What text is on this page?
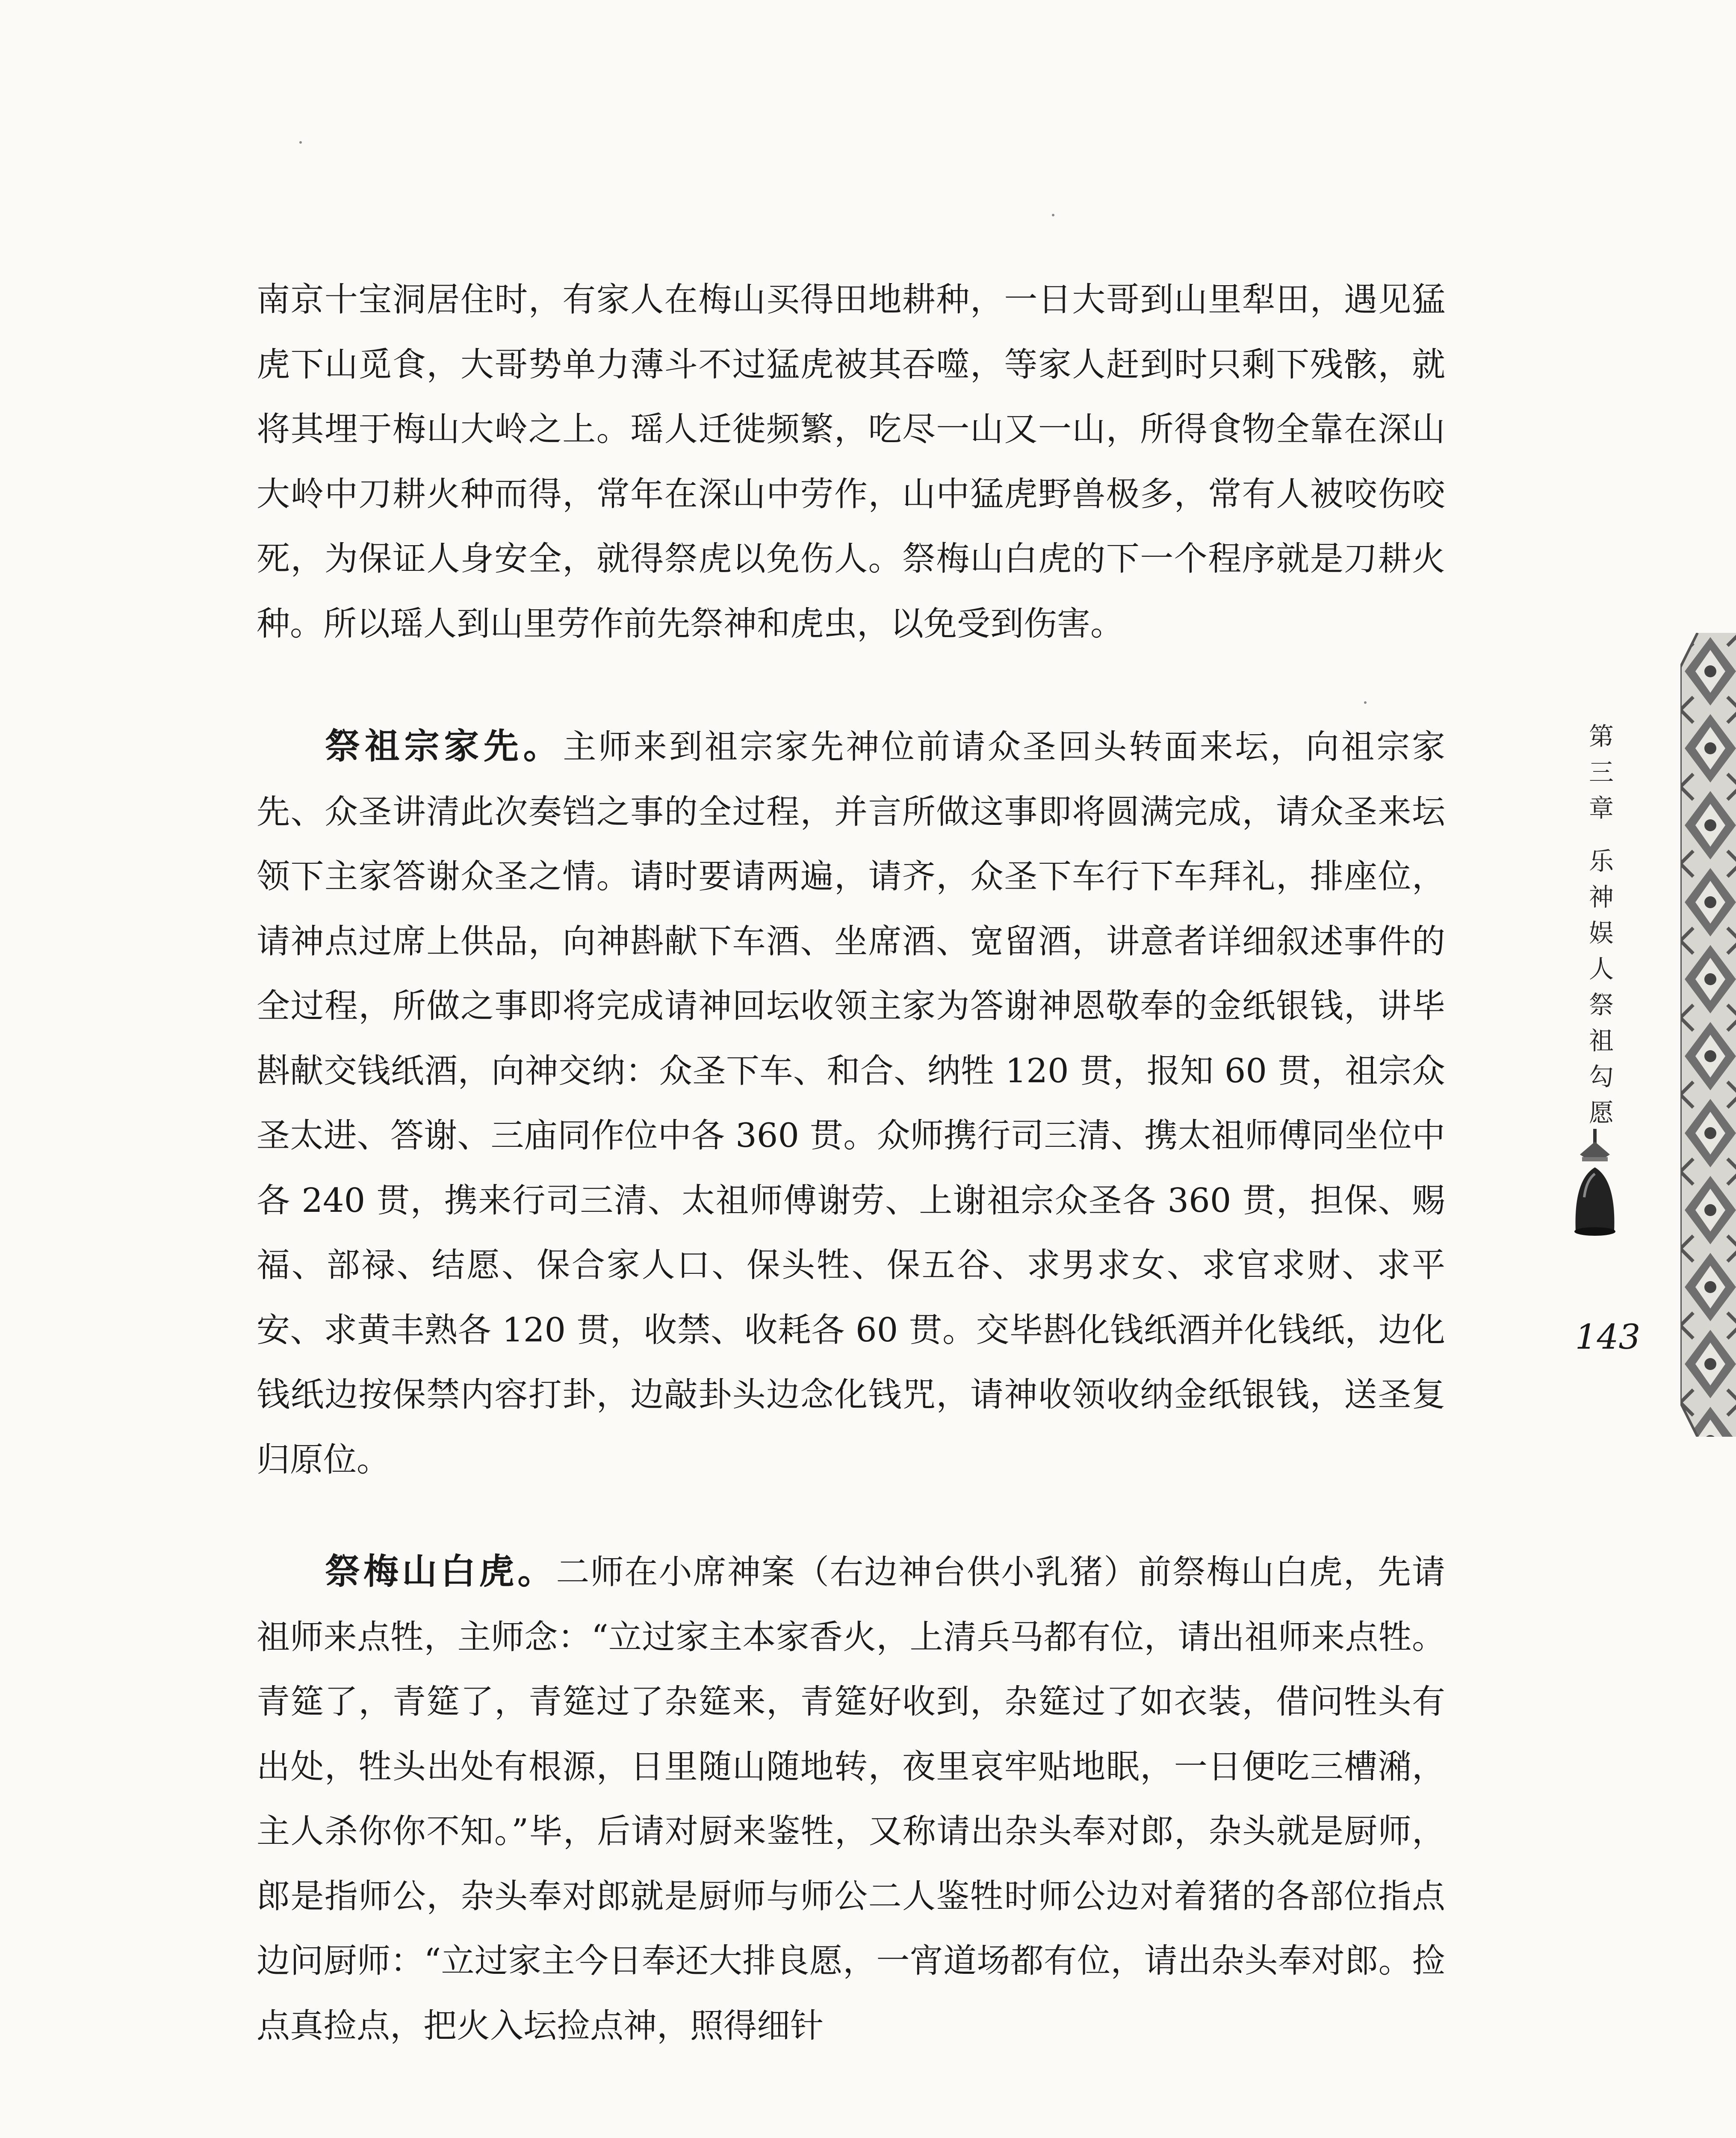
南京十宝洞居住时，有家人在梅山买得田地耕种，一日大哥到山里犁田，遇见猛虎下山觅食，大哥势单力薄斗不过猛虎被其吞噬，等家人赶到时只剩下残骸，就将其埋于梅山大岭之上。瑶人迁徙频繁，吃尽一山又一山，所得食物全靠在深山大岭中刀耕火种而得，常年在深山中劳作，山中猛虎野兽极多，常有人被咬伤咬死，为保证人身安全，就得祭虎以免伤人。祭梅山白虎的下一个程序就是刀耕火种。所以瑶人到山里劳作前先祭神和虎虫，以免受到伤害。

祭祖宗家先。主师来到祖宗家先神位前请众圣回头转面来坛，向祖宗家先、众圣讲清此次奏铛之事的全过程，并言所做这事即将圆满完成，请众圣来坛领下主家答谢众圣之情。请时要请两遍，请齐，众圣下车行下车拜礼，排座位，请神点过席上供品，向神斟献下车酒、坐席酒、宽留酒，讲意者详细叙述事件的全过程，所做之事即将完成请神回坛收领主家为答谢神恩敬奉的金纸银钱，讲毕斟献交钱纸酒，向神交纳：众圣下车、和合、纳牲 120 贯，报知 60 贯，祖宗众圣太进、答谢、三庙同作位中各 360 贯。众师携行司三清、携太祖师傅同坐位中各 240 贯，携来行司三清、太祖师傅谢劳、上谢祖宗众圣各 360 贯，担保、赐福、部禄、结愿、保合家人口、保头牲、保五谷、求男求女、求官求财、求平安、求黄丰熟各 120 贯，收禁、收耗各 60 贯。交毕斟化钱纸酒并化钱纸，边化钱纸边按保禁内容打卦，边敲卦头边念化钱咒，请神收领收纳金纸银钱，送圣复归原位。

祭梅山白虎。二师在小席神案（右边神台供小乳猪）前祭梅山白虎，先请祖师来点牲，主师念：“立过家主本家香火，上清兵马都有位，请出祖师来点牲。青筵了，青筵了，青筵过了杂筵来，青筵好收到，杂筵过了如衣装，借问牲头有出处，牲头出处有根源，日里随山随地转，夜里哀牢贴地眠，一日便吃三槽潲，主人杀你你不知。”毕，后请对厨来鉴牲，又称请出杂头奉对郎，杂头就是厨师，郎是指师公，杂头奉对郎就是厨师与师公二人鉴牲时师公边对着猪的各部位指点边问厨师：“立过家主今日奉还大排良愿，一宵道场都有位，请出杂头奉对郎。捡点真捡点，把火入坛捡点神，照得细针

第三章
乐神娱人祭祖勾愿
143
